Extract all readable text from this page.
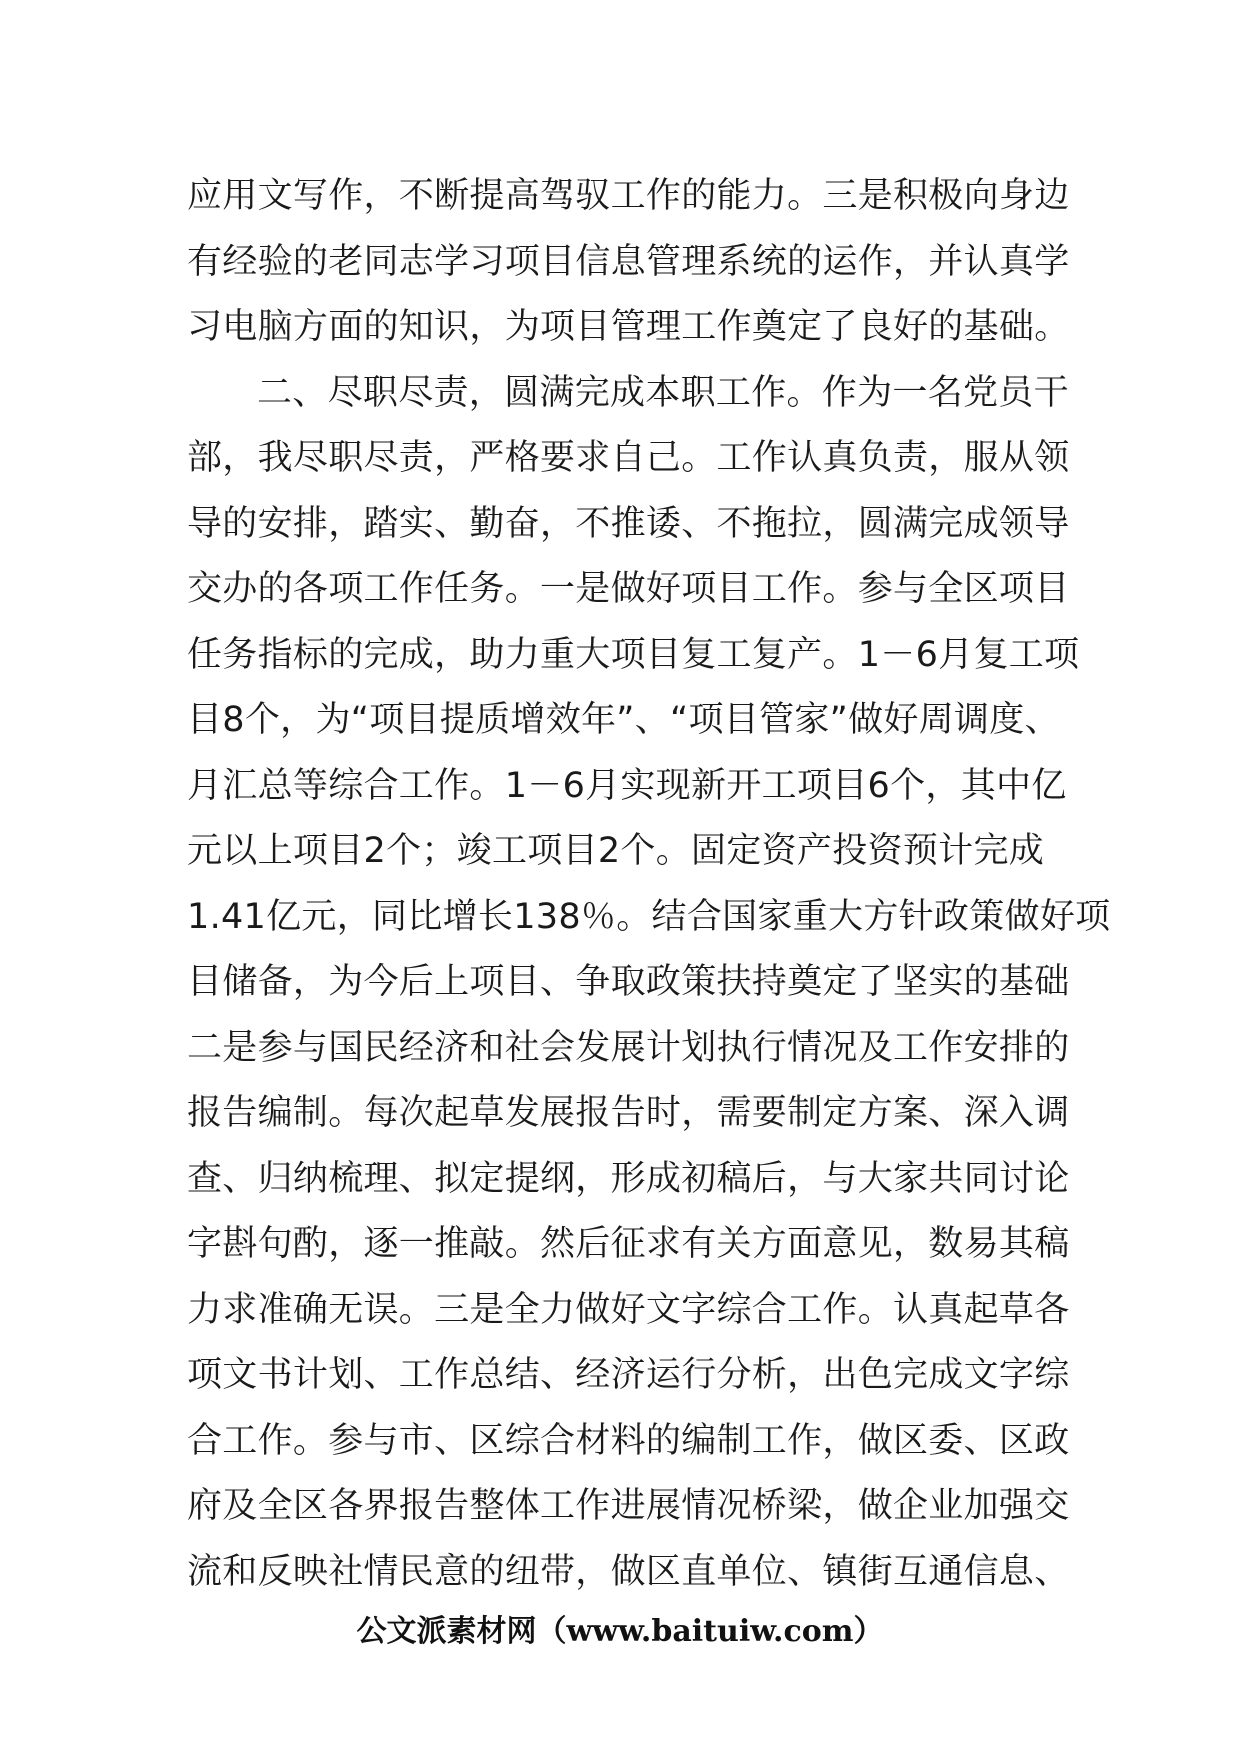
应用文写作，不断提高驾驭工作的能力。三是积极向身边
有经验的老同志学习项目信息管理系统的运作，并认真学
习电脑方面的知识，为项目管理工作奠定了良好的基础。
二、尽职尽责，圆满完成本职工作。作为一名党员干
部，我尽职尽责，严格要求自己。工作认真负责，服从领
导的安排，踏实、勤奋，不推诿、不拖拉，圆满完成领导
交办的各项工作任务。一是做好项目工作。参与全区项目
任务指标的完成，助力重大项目复工复产。1－6月复工项
目8个，为“项目提质增效年”、“项目管家”做好周调度、
月汇总等综合工作。1－6月实现新开工项目6个，其中亿
元以上项目2个；竣工项目2个。固定资产投资预计完成
1.41亿元，同比增长138％。结合国家重大方针政策做好项
目储备，为今后上项目、争取政策扶持奠定了坚实的基础
二是参与国民经济和社会发展计划执行情况及工作安排的
报告编制。每次起草发展报告时，需要制定方案、深入调
查、归纳梳理、拟定提纲，形成初稿后，与大家共同讨论
字斟句酌，逐一推敲。然后征求有关方面意见，数易其稿
力求准确无误。三是全力做好文字综合工作。认真起草各
项文书计划、工作总结、经济运行分析，出色完成文字综
合工作。参与市、区综合材料的编制工作，做区委、区政
府及全区各界报告整体工作进展情况桥梁，做企业加强交
流和反映社情民意的纽带，做区直单位、镇街互通信息、
公文派素材网（www.baituiw.com）
